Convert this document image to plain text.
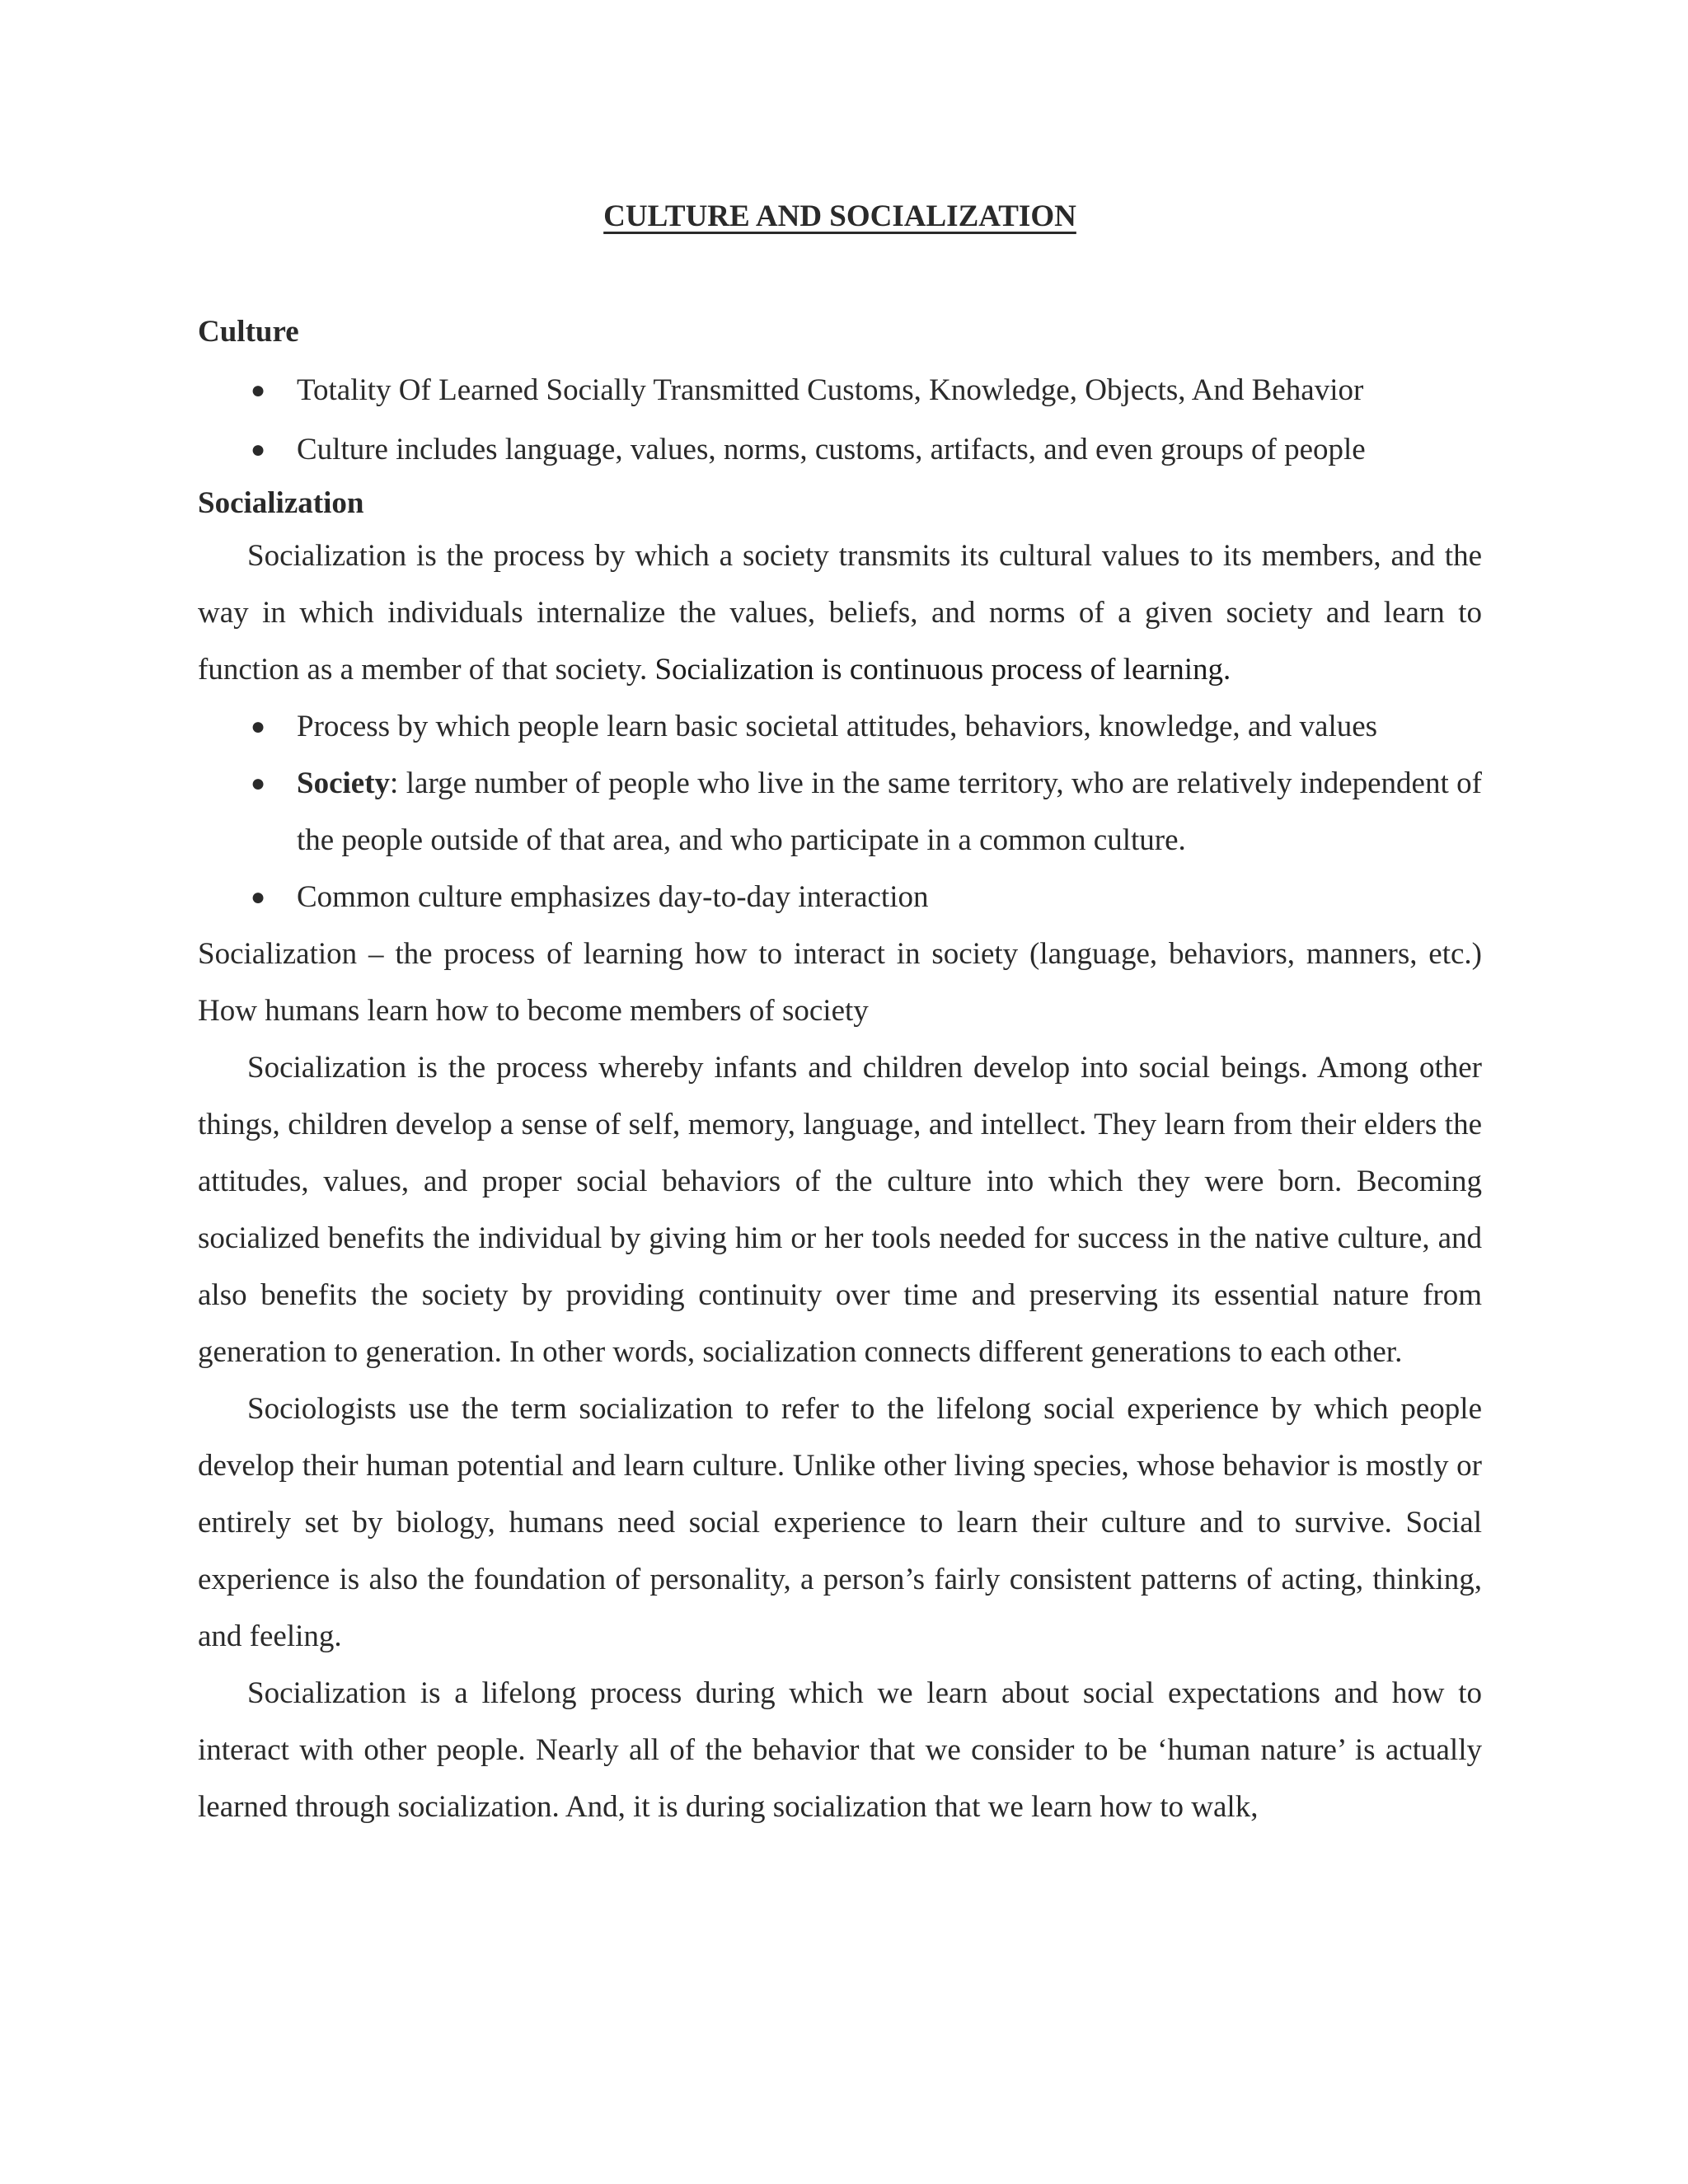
CULTURE AND SOCIALIZATION
Culture
● Totality Of Learned Socially Transmitted Customs, Knowledge, Objects, And Behavior
● Culture includes language, values, norms, customs, artifacts, and even groups of people
Socialization

Socialization is the process by which a society transmits its cultural values to its members, and the way in which individuals internalize the values, beliefs, and norms of a given society and learn to function as a member of that society. Socialization is continuous process of learning.

● Process by which people learn basic societal attitudes, behaviors, knowledge, and values
● Society: large number of people who live in the same territory, who are relatively independent of the people outside of that area, and who participate in a common culture.
● Common culture emphasizes day-to-day interaction

Socialization – the process of learning how to interact in society (language, behaviors, manners, etc.) How humans learn how to become members of society

Socialization is the process whereby infants and children develop into social beings. Among other things, children develop a sense of self, memory, language, and intellect. They learn from their elders the attitudes, values, and proper social behaviors of the culture into which they were born. Becoming socialized benefits the individual by giving him or her tools needed for success in the native culture, and also benefits the society by providing continuity over time and preserving its essential nature from generation to generation. In other words, socialization connects different generations to each other.

Sociologists use the term socialization to refer to the lifelong social experience by which people develop their human potential and learn culture. Unlike other living species, whose behavior is mostly or entirely set by biology, humans need social experience to learn their culture and to survive. Social experience is also the foundation of personality, a person’s fairly consistent patterns of acting, thinking, and feeling.

Socialization is a lifelong process during which we learn about social expectations and how to interact with other people. Nearly all of the behavior that we consider to be ‘human nature’ is actually learned through socialization. And, it is during socialization that we learn how to walk,
